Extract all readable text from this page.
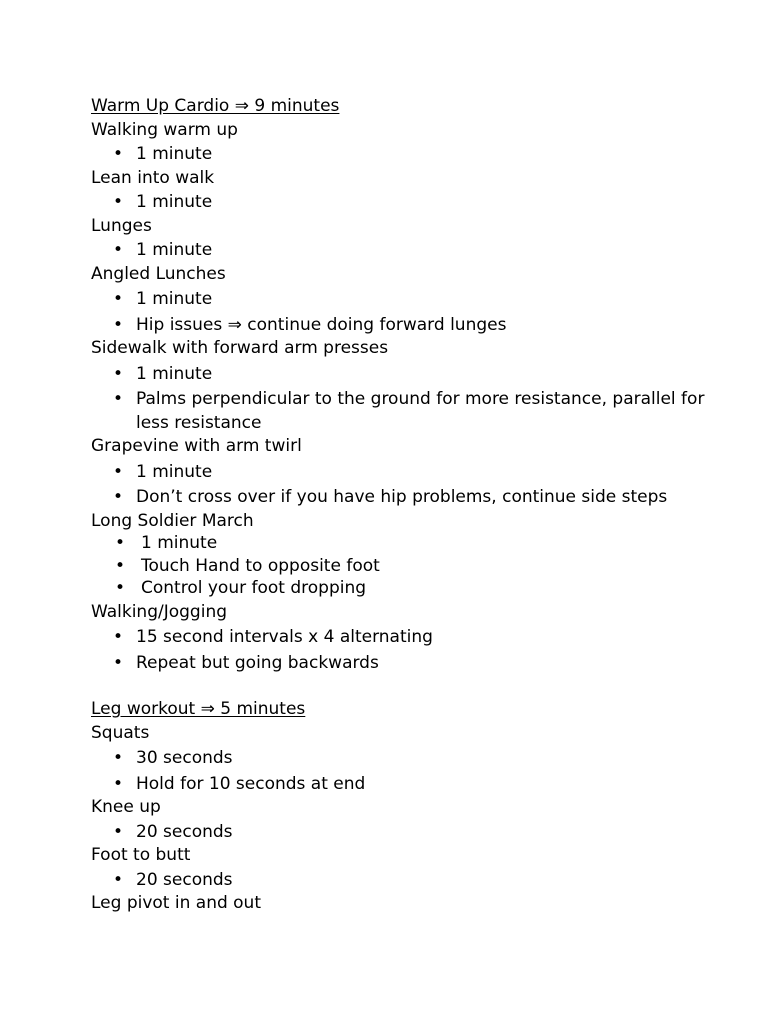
Warm Up Cardio ⇒ 9 minutes
Walking warm up
• 1 minute
Lean into walk
• 1 minute
Lunges
• 1 minute
Angled Lunches
• 1 minute
• Hip issues ⇒ continue doing forward lunges
Sidewalk with forward arm presses
• 1 minute
• Palms perpendicular to the ground for more resistance, parallel for less resistance
Grapevine with arm twirl
• 1 minute
• Don’t cross over if you have hip problems, continue side steps
Long Soldier March
• 1 minute
• Touch Hand to opposite foot
• Control your foot dropping
Walking/Jogging
• 15 second intervals x 4 alternating
• Repeat but going backwards
Leg workout ⇒ 5 minutes
Squats
• 30 seconds
• Hold for 10 seconds at end
Knee up
• 20 seconds
Foot to butt
• 20 seconds
Leg pivot in and out
